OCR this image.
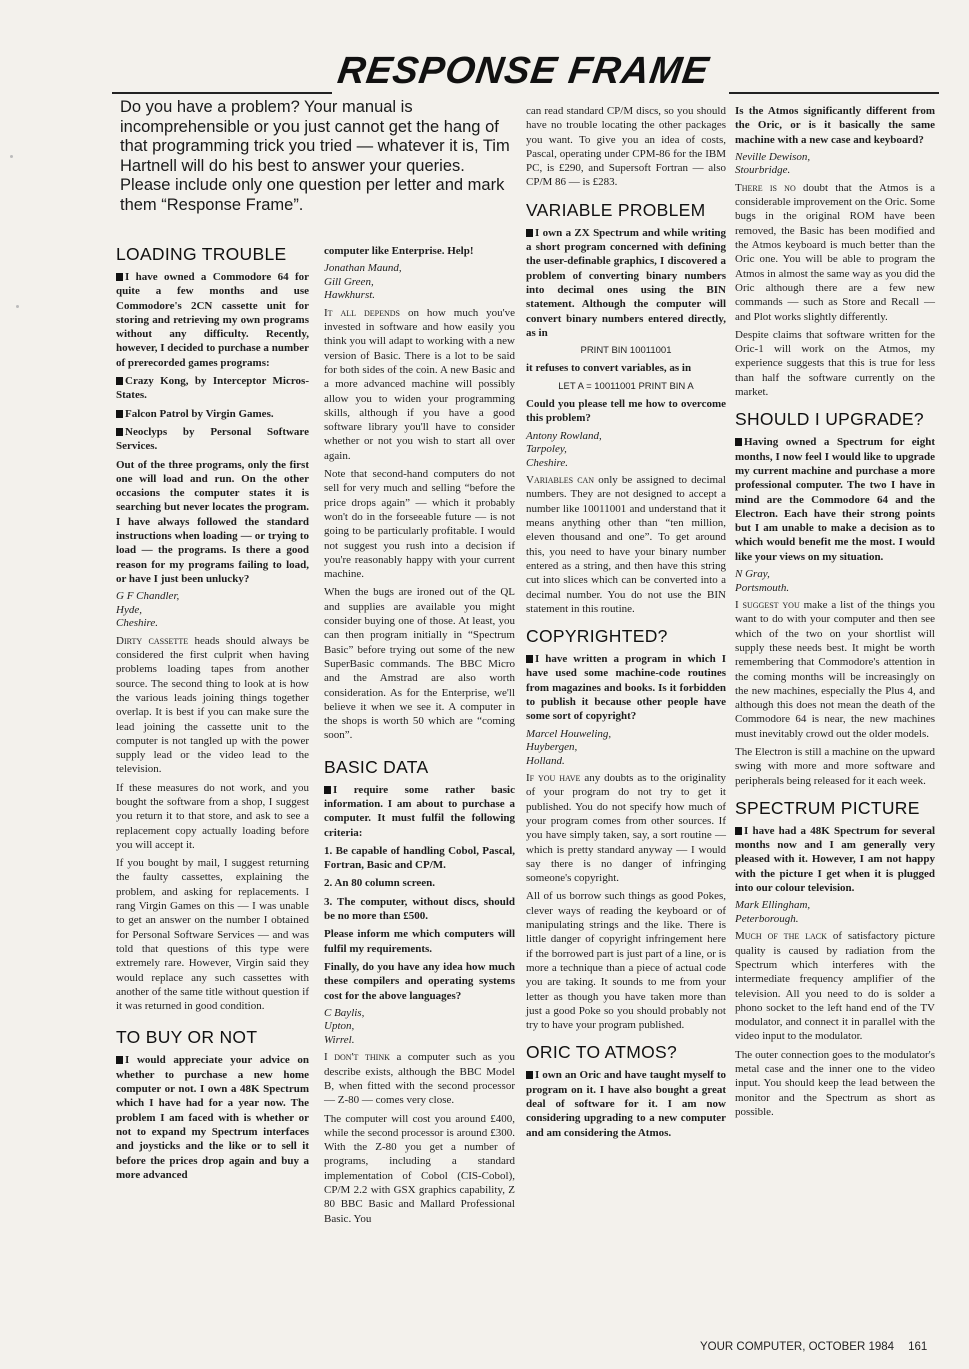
RESPONSE FRAME
Do you have a problem? Your manual is incomprehensible or you just cannot get the hang of that programming trick you tried — whatever it is, Tim Hartnell will do his best to answer your queries. Please include only one question per letter and mark them “Response Frame”.
LOADING TROUBLE

I have owned a Commodore 64 for quite a few months and use Commodore's 2CN cassette unit for storing and retrieving my own programs without any difficulty. Recently, however, I decided to purchase a number of prerecorded games programs:

Crazy Kong, by Interceptor Micros-States.

Falcon Patrol by Virgin Games.

Neoclyps by Personal Software Services.

Out of the three programs, only the first one will load and run. On the other occasions the computer states it is searching but never locates the program. I have always followed the standard instructions when loading — or trying to load — the programs. Is there a good reason for my programs failing to load, or have I just been unlucky?

G F Chandler,
Hyde,
Cheshire.

Dirty cassette heads should always be considered the first culprit when having problems loading tapes from another source. The second thing to look at is how the various leads joining things together overlap. It is best if you can make sure the lead joining the cassette unit to the computer is not tangled up with the power supply lead or the video lead to the television.

If these measures do not work, and you bought the software from a shop, I suggest you return it to that store, and ask to see a replacement copy actually loading before you will accept it.

If you bought by mail, I suggest returning the faulty cassettes, explaining the problem, and asking for replacements. I rang Virgin Games on this — I was unable to get an answer on the number I obtained for Personal Software Services — and was told that questions of this type were extremely rare. However, Virgin said they would replace any such cassettes with another of the same title without question if it was returned in good condition.

TO BUY OR NOT

I would appreciate your advice on whether to purchase a new home computer or not. I own a 48K Spectrum which I have had for a year now. The problem I am faced with is whether or not to expand my Spectrum interfaces and joysticks and the like or to sell it before the prices drop again and buy a more advanced

computer like Enterprise. Help!

Jonathan Maund,
Gill Green,
Hawkhurst.

It all depends on how much you've invested in software and how easily you think you will adapt to working with a new version of Basic. There is a lot to be said for both sides of the coin. A new Basic and a more advanced machine will possibly allow you to widen your programming skills, although if you have a good software library you'll have to consider whether or not you wish to start all over again.

Note that second-hand computers do not sell for very much and selling “before the price drops again” — which it probably won't do in the forseeable future — is not going to be particularly profitable. I would not suggest you rush into a decision if you're reasonably happy with your current machine.

When the bugs are ironed out of the QL and supplies are available you might consider buying one of those. At least, you can then program initially in “Spectrum Basic” before trying out some of the new SuperBasic commands. The BBC Micro and the Amstrad are also worth consideration. As for the Enterprise, we'll believe it when we see it. A computer in the shops is worth 50 which are “coming soon”.

BASIC DATA

I require some rather basic information. I am about to purchase a computer. It must fulfil the following criteria:

1. Be capable of handling Cobol, Pascal, Fortran, Basic and CP/M.

2. An 80 column screen.

3. The computer, without discs, should be no more than £500.

Please inform me which computers will fulfil my requirements.

Finally, do you have any idea how much these compilers and operating systems cost for the above languages?

C Baylis,
Upton,
Wirrel.

I don't think a computer such as you describe exists, although the BBC Model B, when fitted with the second processor — Z-80 — comes very close.

The computer will cost you around £400, while the second processor is around £300. With the Z-80 you get a number of programs, including a standard implementation of Cobol (CIS-Cobol), CP/M 2.2 with GSX graphics capability, Z 80 BBC Basic and Mallard Professional Basic. You

can read standard CP/M discs, so you should have no trouble locating the other packages you want. To give you an idea of costs, Pascal, operating under CPM-86 for the IBM PC, is £290, and Supersoft Fortran — also CP/M 86 — is £283.

VARIABLE PROBLEM

I own a ZX Spectrum and while writing a short program concerned with defining the user-definable graphics, I discovered a problem of converting binary numbers into decimal ones using the BIN statement. Although the computer will convert binary numbers entered directly, as in

PRINT BIN 10011001

it refuses to convert variables, as in

LET A = 10011001 PRINT BIN A

Could you please tell me how to overcome this problem?

Antony Rowland,
Tarpoley,
Cheshire.

Variables can only be assigned to decimal numbers. They are not designed to accept a number like 10011001 and understand that it means anything other than “ten million, eleven thousand and one”. To get around this, you need to have your binary number entered as a string, and then have this string cut into slices which can be converted into a decimal number. You do not use the BIN statement in this routine.

COPYRIGHTED?

I have written a program in which I have used some machine-code routines from magazines and books. Is it forbidden to publish it because other people have some sort of copyright?

Marcel Houweling,
Huybergen,
Holland.

If you have any doubts as to the originality of your program do not try to get it published. You do not specify how much of your program comes from other sources. If you have simply taken, say, a sort routine — which is pretty standard anyway — I would say there is no danger of infringing someone's copyright.

All of us borrow such things as good Pokes, clever ways of reading the keyboard or of manipulating strings and the like. There is little danger of copyright infringement here if the borrowed part is just part of a line, or is more a technique than a piece of actual code you are taking. It sounds to me from your letter as though you have taken more than just a good Poke so you should probably not try to have your program published.

ORIC TO ATMOS?

I own an Oric and have taught myself to program on it. I have also bought a great deal of software for it. I am now considering upgrading to a new computer and am considering the Atmos.

Is the Atmos significantly different from the Oric, or is it basically the same machine with a new case and keyboard?

Neville Dewison,
Stourbridge.

There is no doubt that the Atmos is a considerable improvement on the Oric. Some bugs in the original ROM have been removed, the Basic has been modified and the Atmos keyboard is much better than the Oric one. You will be able to program the Atmos in almost the same way as you did the Oric although there are a few new commands — such as Store and Recall — and Plot works slightly differently.

Despite claims that software written for the Oric-1 will work on the Atmos, my experience suggests that this is true for less than half the software currently on the market.

SHOULD I UPGRADE?

Having owned a Spectrum for eight months, I now feel I would like to upgrade my current machine and purchase a more professional computer. The two I have in mind are the Commodore 64 and the Electron. Each have their strong points but I am unable to make a decision as to which would benefit me the most. I would like your views on my situation.

N Gray,
Portsmouth.

I suggest you make a list of the things you want to do with your computer and then see which of the two on your shortlist will supply these needs best. It might be worth remembering that Commodore's attention in the coming months will be increasingly on the new machines, especially the Plus 4, and although this does not mean the death of the Commodore 64 is near, the new machines must inevitably crowd out the older models.

The Electron is still a machine on the upward swing with more and more software and peripherals being released for it each week.

SPECTRUM PICTURE

I have had a 48K Spectrum for several months now and I am generally very pleased with it. However, I am not happy with the picture I get when it is plugged into our colour television.

Mark Ellingham,
Peterborough.

Much of the lack of satisfactory picture quality is caused by radiation from the Spectrum which interferes with the intermediate frequency amplifier of the television. All you need to do is solder a phono socket to the left hand end of the TV modulator, and connect it in parallel with the video input to the modulator.

The outer connection goes to the modulator's metal case and the inner one to the video input. You should keep the lead between the monitor and the Spectrum as short as possible.

YOUR COMPUTER, OCTOBER 1984 161
